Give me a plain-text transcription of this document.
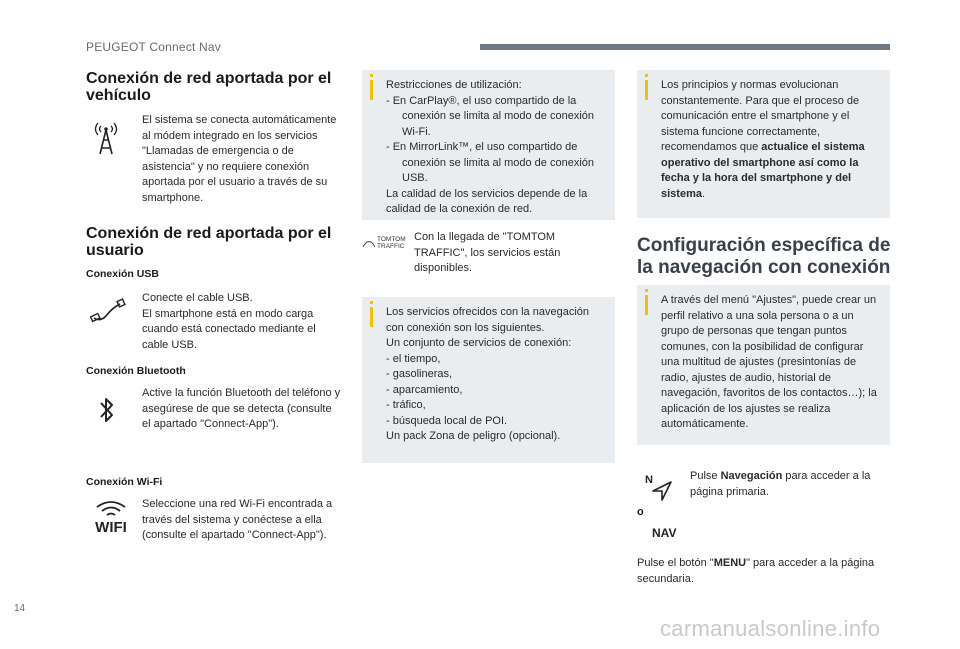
PEUGEOT Connect Nav
Conexión de red aportada por el vehículo
El sistema se conecta automáticamente al módem integrado en los servicios "Llamadas de emergencia o de asistencia" y no requiere conexión aportada por el usuario a través de su smartphone.
Conexión de red aportada por el usuario
Conexión USB
Conecte el cable USB.
El smartphone está en modo carga cuando está conectado mediante el cable USB.
Conexión Bluetooth
Active la función Bluetooth del teléfono y asegúrese de que se detecta (consulte el apartado "Connect-App").
Conexión Wi-Fi
WIFI
Seleccione una red Wi-Fi encontrada a través del sistema y conéctese a ella (consulte el apartado "Connect-App").
Restricciones de utilización:
- En CarPlay®, el uso compartido de la conexión se limita al modo de conexión Wi-Fi.
- En MirrorLink™, el uso compartido de conexión se limita al modo de conexión USB.
La calidad de los servicios depende de la calidad de la conexión de red.
TOMTOM TRAFFIC
Con la llegada de "TOMTOM TRAFFIC", los servicios están disponibles.
Los servicios ofrecidos con la navegación con conexión son los siguientes.
Un conjunto de servicios de conexión:
- el tiempo,
- gasolineras,
- aparcamiento,
- tráfico,
- búsqueda local de POI.
Un pack Zona de peligro (opcional).
Los principios y normas evolucionan constantemente. Para que el proceso de comunicación entre el smartphone y el sistema funcione correctamente, recomendamos que actualice el sistema operativo del smartphone así como la fecha y la hora del smartphone y del sistema.
Configuración específica de la navegación con conexión
A través del menú "Ajustes", puede crear un perfil relativo a una sola persona o a un grupo de personas que tengan puntos comunes, con la posibilidad de configurar una multitud de ajustes (presintonías de radio, ajustes de audio, historial de navegación, favoritos de los contactos…); la aplicación de los ajustes se realiza automáticamente.
N	Pulse Navegación para acceder a la página primaria.
o
NAV
Pulse el botón "MENU" para acceder a la página secundaria.
14
carmanualsonline.info
